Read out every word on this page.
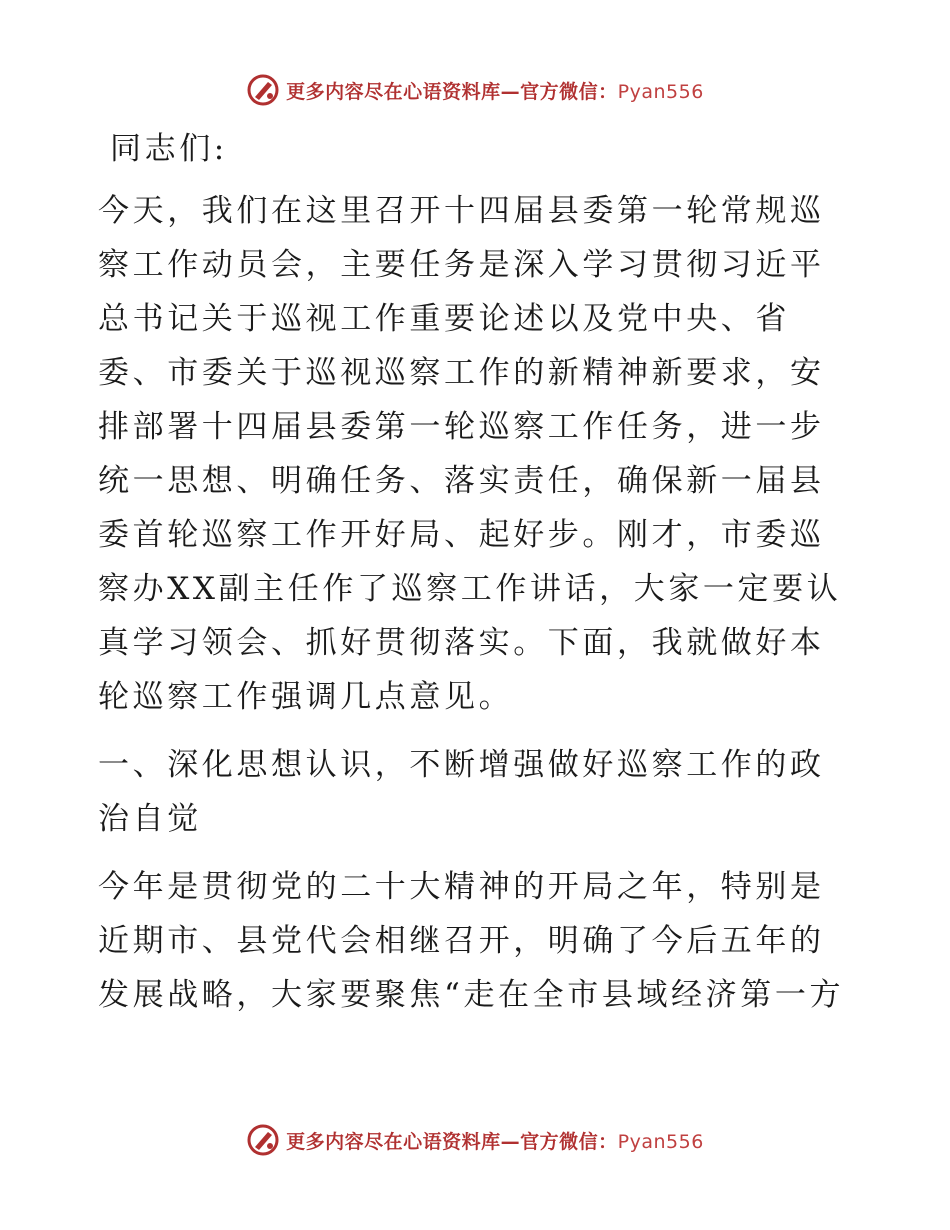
更多内容尽在心语资料库—官方微信：Pyan556

同志们:

今天，我们在这里召开十四届县委第一轮常规巡察工作动员会，主要任务是深入学习贯彻习近平总书记关于巡视工作重要论述以及党中央、省委、市委关于巡视巡察工作的新精神新要求，安排部署十四届县委第一轮巡察工作任务，进一步统一思想、明确任务、落实责任，确保新一届县委首轮巡察工作开好局、起好步。刚才，市委巡察办XX副主任作了巡察工作讲话，大家一定要认真学习领会、抓好贯彻落实。下面，我就做好本轮巡察工作强调几点意见。

一、深化思想认识，不断增强做好巡察工作的政治自觉

今年是贯彻党的二十大精神的开局之年，特别是近期市、县党代会相继召开，明确了今后五年的发展战略，大家要聚焦“走在全市县域经济第一方

更多内容尽在心语资料库—官方微信：Pyan556
